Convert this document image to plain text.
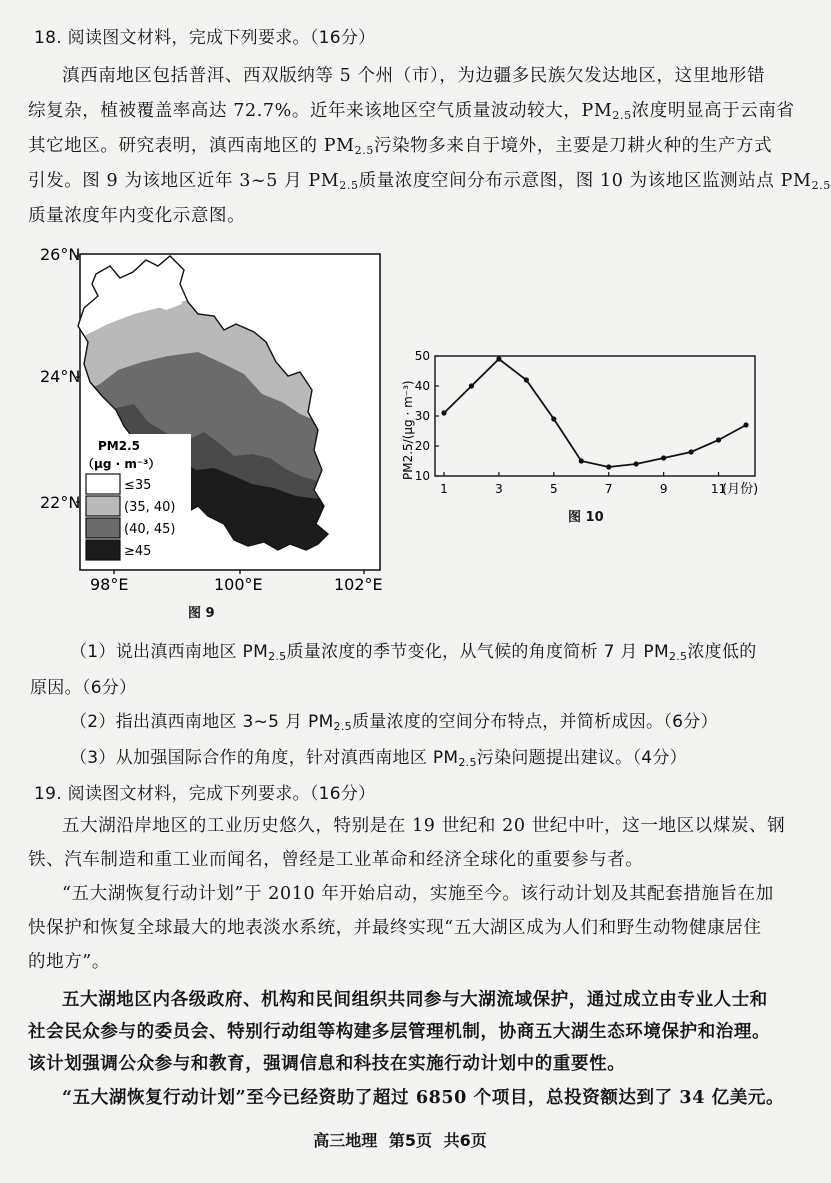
18. 阅读图文材料，完成下列要求。（16分）
滇西南地区包括普洱、西双版纳等 5 个州（市），为边疆多民族欠发达地区，这里地形错
综复杂，植被覆盖率高达 72.7%。近年来该地区空气质量波动较大，$PM_{2.5}$浓度明显高于云南省
其它地区。研究表明，滇西南地区的 $PM_{2.5}$污染物多来自于境外，主要是刀耕火种的生产方式
引发。图 9 为该地区近年 3~5 月 $PM_{2.5}$质量浓度空间分布示意图，图 10 为该地区监测站点 $PM_{2.5}$
质量浓度年内变化示意图。
26°N
24°N
22°N
98°E	100°E	102°E
PM2.5
（μg · m⁻³）
≤35
(35, 40)
(40, 45)
≥45
图 9
PM2.5/(μg · m⁻³)
(月份)
10
20
30
40
50
1	3	5	7	9	11
图 10
（1）说出滇西南地区 $PM_{2.5}$质量浓度的季节变化，从气候的角度简析 7 月 $PM_{2.5}$浓度低的
原因。（6分）
（2）指出滇西南地区 3~5 月 $PM_{2.5}$质量浓度的空间分布特点，并简析成因。（6分）
（3）从加强国际合作的角度，针对滇西南地区 $PM_{2.5}$污染问题提出建议。（4分）
19. 阅读图文材料，完成下列要求。（16分）
五大湖沿岸地区的工业历史悠久，特别是在 19 世纪和 20 世纪中叶，这一地区以煤炭、钢
铁、汽车制造和重工业而闻名，曾经是工业革命和经济全球化的重要参与者。
“五大湖恢复行动计划”于 2010 年开始启动，实施至今。该行动计划及其配套措施旨在加
快保护和恢复全球最大的地表淡水系统，并最终实现“五大湖区成为人们和野生动物健康居住
的地方”。
五大湖地区内各级政府、机构和民间组织共同参与大湖流域保护，通过成立由专业人士和
社会民众参与的委员会、特别行动组等构建多层管理机制，协商五大湖生态环境保护和治理。
该计划强调公众参与和教育，强调信息和科技在实施行动计划中的重要性。
“五大湖恢复行动计划”至今已经资助了超过 6850 个项目，总投资额达到了 34 亿美元。
高三地理 第5页 共6页
